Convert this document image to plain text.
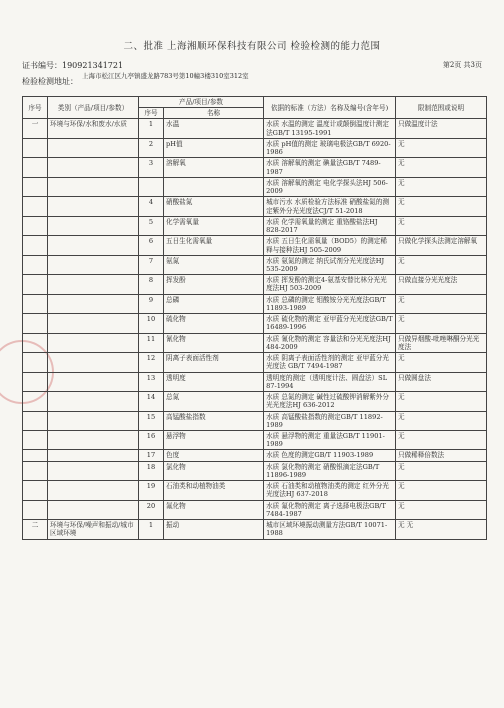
二、批准 上海湘顺环保科技有限公司 检验检测的能力范围
证书编号：190921341721	第2页 共3页
检验检测地址：$^{上海市松江区九亭镇盛龙路783号第10幢3楼310室312室}$
序号	类别（产品/项目/参数）	产品/项目/参数		依据的标准（方法）名称及编号(含年号)	限制范围或说明
		序号	名称		
一	环境与环保/水和废水/水质	1	水温	水质 水温的测定 温度计或颠倒温度计测定法GB/T 13195-1991	只做温度计法
		2	pH值	水质 pH值的测定 玻璃电极法GB/T 6920-1986	无
		3	溶解氧	水质 溶解氧的测定 碘量法GB/T 7489-1987	无
				水质 溶解氧的测定 电化学探头法HJ 506-2009	无
		4	硝酸盐氮	城市污水 水质检验方法标准 硝酸盐氮的测定紫外分光光度法CJ/T 51-2018	无
		5	化学需氧量	水质 化学需氧量的测定 重铬酸盐法HJ 828-2017	无
		6	五日生化需氧量	水质 五日生化需氧量（BOD5）的测定稀释与接种法HJ 505-2009	只做化学探头法测定溶解氧
		7	氨氮	水质 氨氮的测定 纳氏试剂分光光度法HJ 535-2009	无
		8	挥发酚	水质 挥发酚的测定4-氨基安替比林分光光度法HJ 503-2009	只做直接分光光度法
		9	总磷	水质 总磷的测定 钼酸铵分光光度法GB/T 11893-1989	无
		10	硫化物	水质 硫化物的测定 亚甲蓝分光光度法GB/T 16489-1996	无
		11	氰化物	水质 氰化物的测定 容量法和分光光度法HJ 484-2009	只做异烟酸-吡唑啉酮分光光度法
		12	阴离子表面活性剂	水质 阴离子表面活性剂的测定 亚甲蓝分光光度法 GB/T 7494-1987	无
		13	透明度	透明度的测定（透明度计法、圆盘法）SL 87-1994	只做圆盘法
		14	总氮	水质 总氮的测定 碱性过硫酸钾消解紫外分光光度法HJ 636-2012	无
		15	高锰酸盐指数	水质 高锰酸盐指数的测定GB/T 11892-1989	无
		16	悬浮物	水质 悬浮物的测定 重量法GB/T 11901-1989	无
		17	色度	水质 色度的测定GB/T 11903-1989	只做稀释倍数法
		18	氯化物	水质 氯化物的测定 硝酸银滴定法GB/T 11896-1989	无
		19	石油类和动植物油类	水质 石油类和动植物油类的测定 红外分光光度法HJ 637-2018	无
		20	氟化物	水质 氟化物的测定 离子选择电极法GB/T 7484-1987	无
二	环境与环保/噪声和振动/城市区域环境	1	振动	城市区域环境振动测量方法GB/T 10071-1988	无 无
